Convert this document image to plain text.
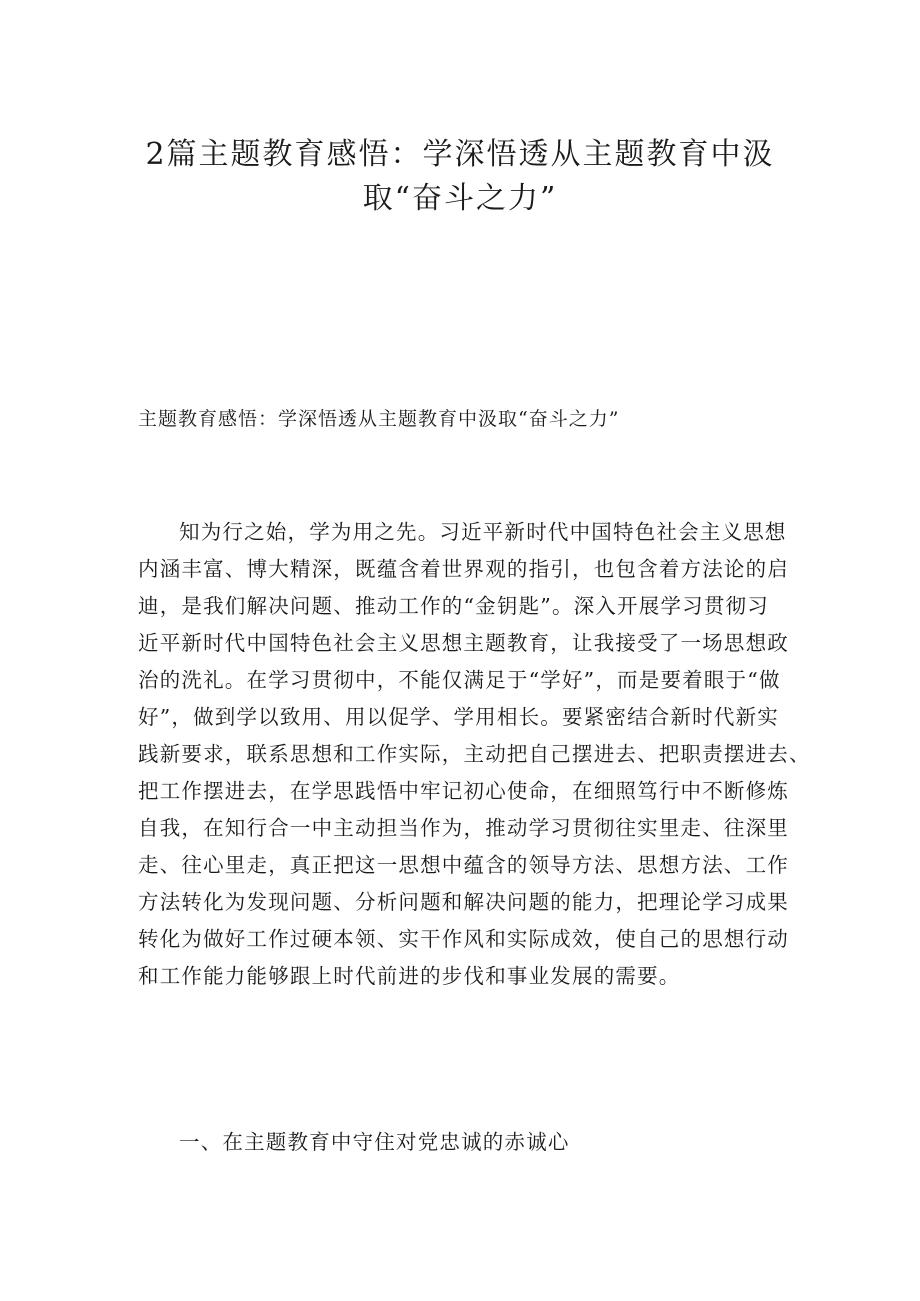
2篇主题教育感悟：学深悟透从主题教育中汲
取“奋斗之力”

主题教育感悟：学深悟透从主题教育中汲取“奋斗之力”

知为行之始，学为用之先。习近平新时代中国特色社会主义思想
内涵丰富、博大精深，既蕴含着世界观的指引，也包含着方法论的启
迪，是我们解决问题、推动工作的“金钥匙”。深入开展学习贯彻习
近平新时代中国特色社会主义思想主题教育，让我接受了一场思想政
治的洗礼。在学习贯彻中，不能仅满足于“学好”，而是要着眼于“做
好”，做到学以致用、用以促学、学用相长。要紧密结合新时代新实
践新要求，联系思想和工作实际，主动把自己摆进去、把职责摆进去、
把工作摆进去，在学思践悟中牢记初心使命，在细照笃行中不断修炼
自我，在知行合一中主动担当作为，推动学习贯彻往实里走、往深里
走、往心里走，真正把这一思想中蕴含的领导方法、思想方法、工作
方法转化为发现问题、分析问题和解决问题的能力，把理论学习成果
转化为做好工作过硬本领、实干作风和实际成效，使自己的思想行动
和工作能力能够跟上时代前进的步伐和事业发展的需要。

一、在主题教育中守住对党忠诚的赤诚心
